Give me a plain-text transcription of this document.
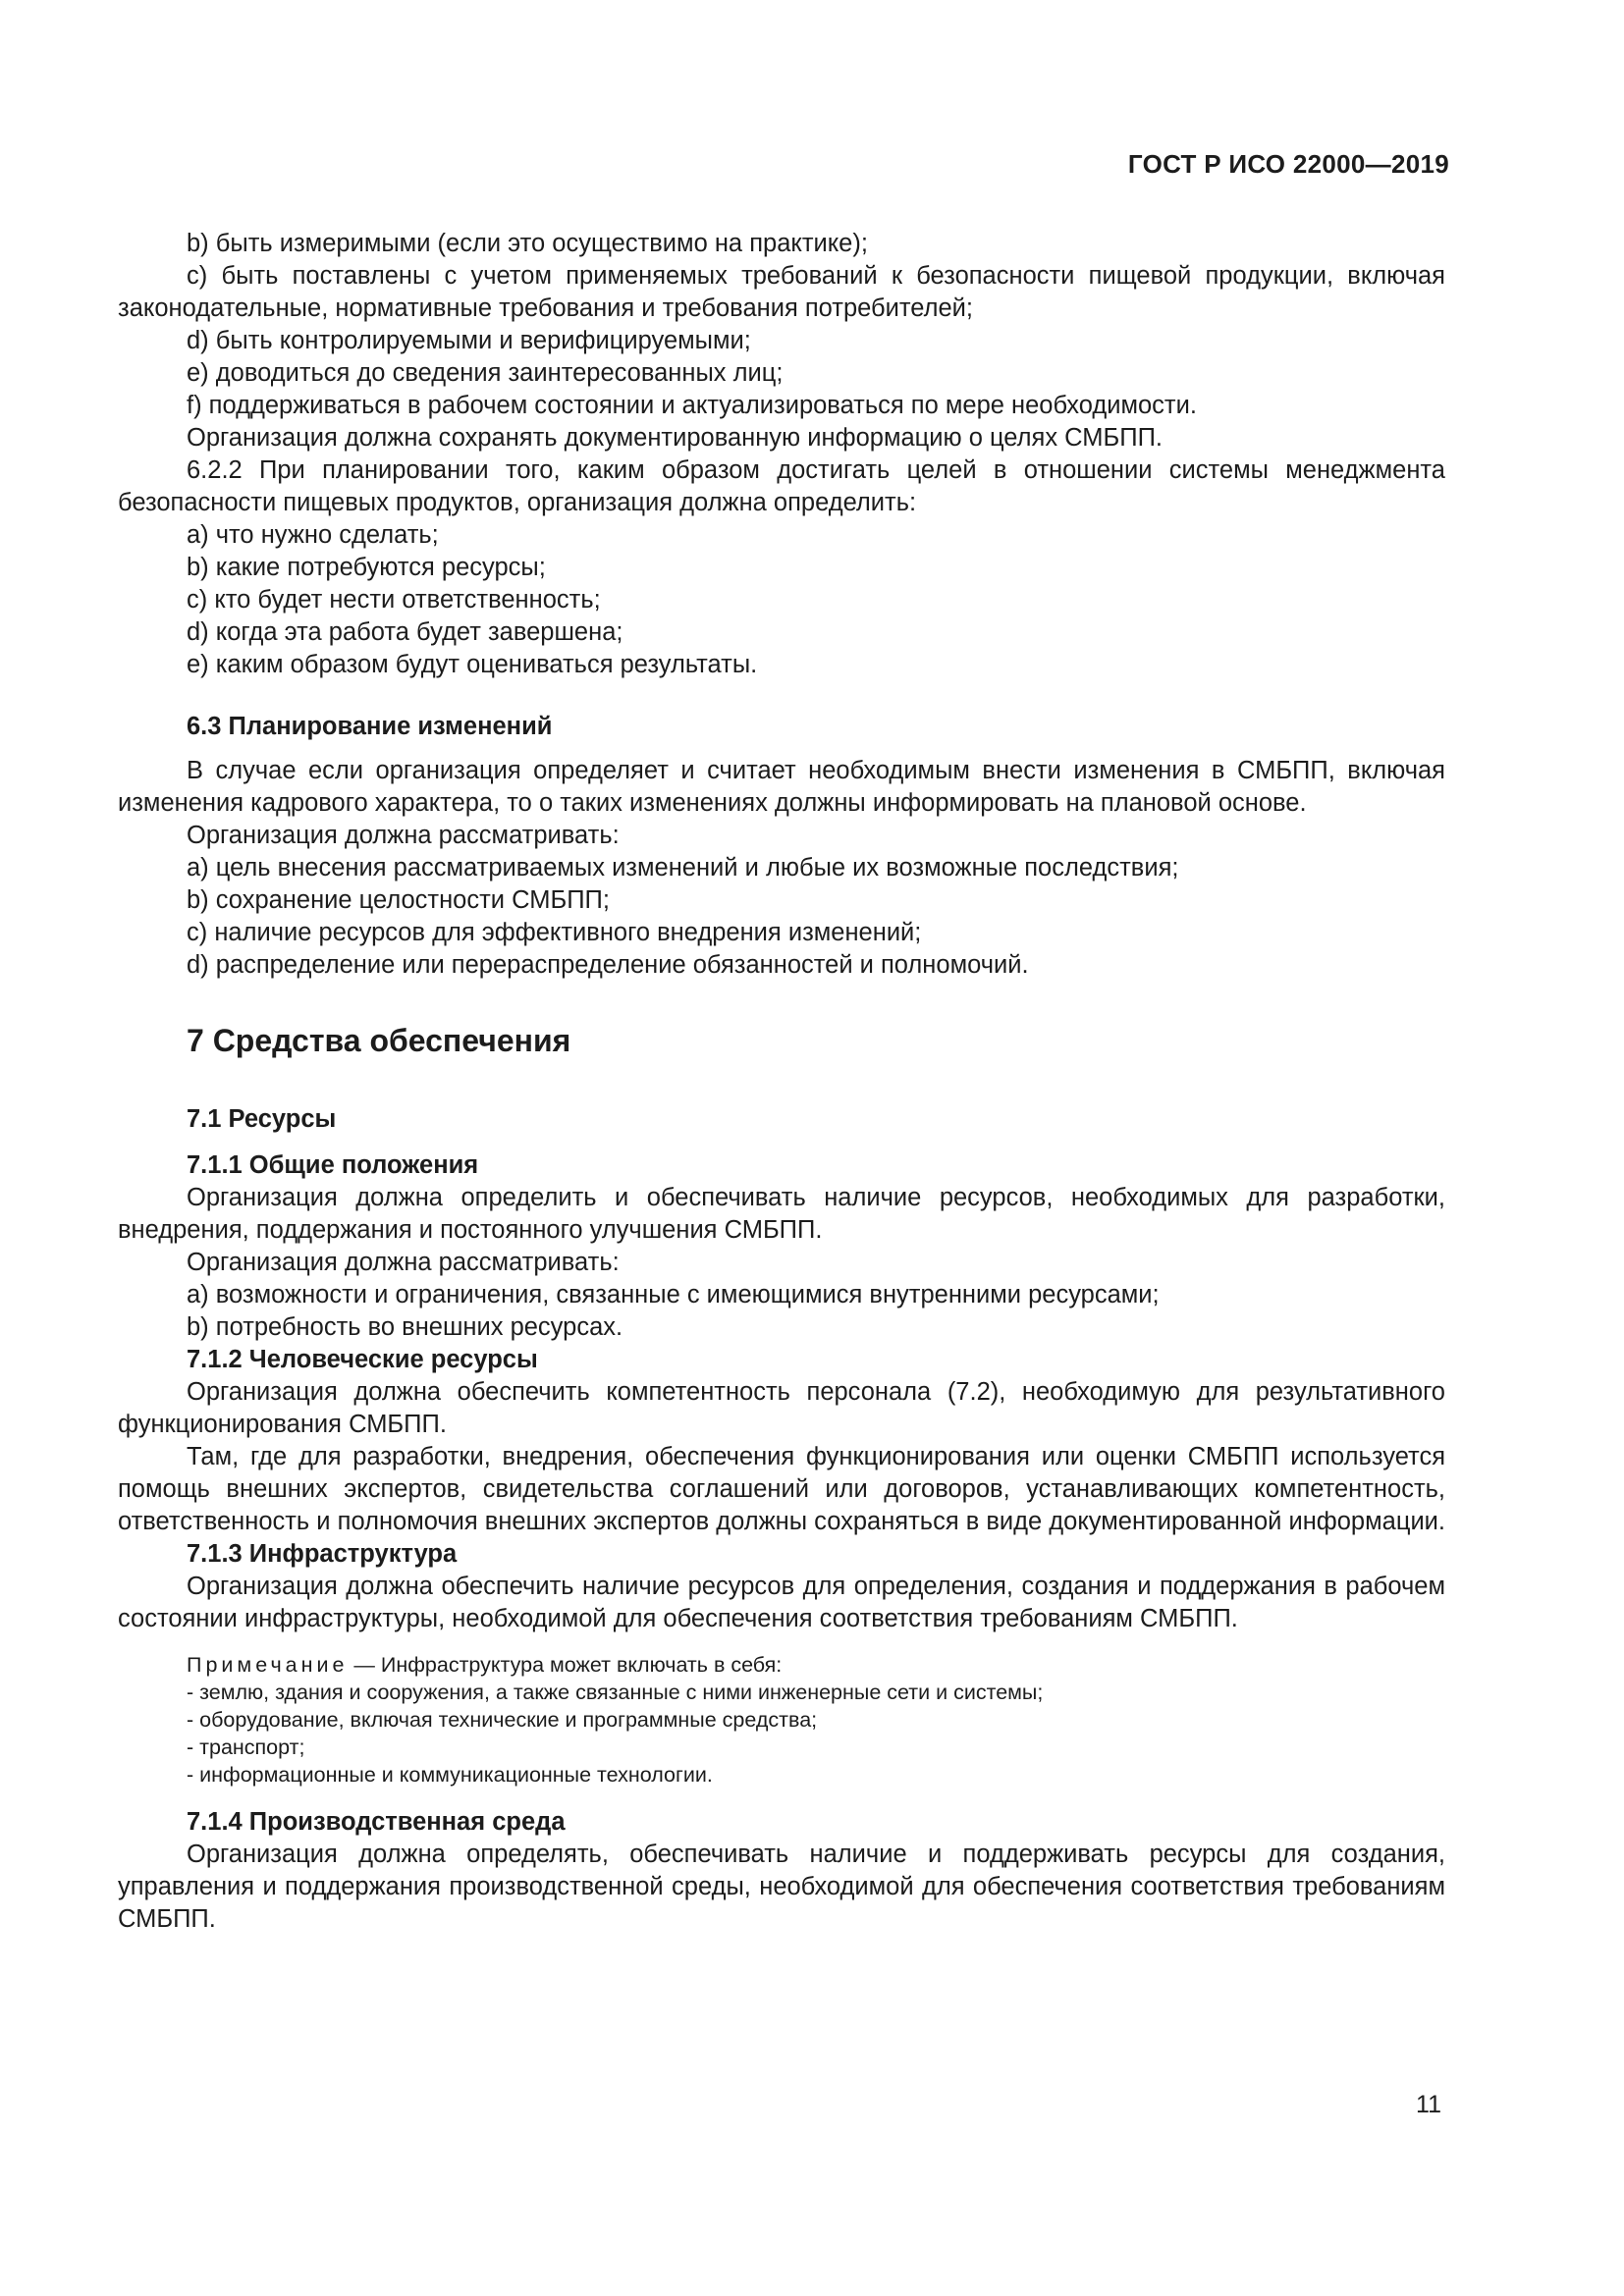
ГОСТ Р ИСО 22000—2019

b) быть измеримыми (если это осуществимо на практике);

c) быть поставлены с учетом применяемых требований к безопасности пищевой продукции, включая законодательные, нормативные требования и требования потребителей;

d) быть контролируемыми и верифицируемыми;

e) доводиться до сведения заинтересованных лиц;

f) поддерживаться в рабочем состоянии и актуализироваться по мере необходимости.

Организация должна сохранять документированную информацию о целях СМБПП.

6.2.2 При планировании того, каким образом достигать целей в отношении системы менеджмента безопасности пищевых продуктов, организация должна определить:

a) что нужно сделать;

b) какие потребуются ресурсы;

c) кто будет нести ответственность;

d) когда эта работа будет завершена;

e) каким образом будут оцениваться результаты.

6.3 Планирование изменений

В случае если организация определяет и считает необходимым внести изменения в СМБПП, включая изменения кадрового характера, то о таких изменениях должны информировать на плановой основе.

Организация должна рассматривать:

a) цель внесения рассматриваемых изменений и любые их возможные последствия;

b) сохранение целостности СМБПП;

c) наличие ресурсов для эффективного внедрения изменений;

d) распределение или перераспределение обязанностей и полномочий.

7 Средства обеспечения
7.1 Ресурсы
7.1.1 Общие положения

Организация должна определить и обеспечивать наличие ресурсов, необходимых для разработки, внедрения, поддержания и постоянного улучшения СМБПП.

Организация должна рассматривать:

a) возможности и ограничения, связанные с имеющимися внутренними ресурсами;

b) потребность во внешних ресурсах.

7.1.2 Человеческие ресурсы

Организация должна обеспечить компетентность персонала (7.2), необходимую для результативного функционирования СМБПП.

Там, где для разработки, внедрения, обеспечения функционирования или оценки СМБПП используется помощь внешних экспертов, свидетельства соглашений или договоров, устанавливающих компетентность, ответственность и полномочия внешних экспертов должны сохраняться в виде документированной информации.

7.1.3 Инфраструктура

Организация должна обеспечить наличие ресурсов для определения, создания и поддержания в рабочем состоянии инфраструктуры, необходимой для обеспечения соответствия требованиям СМБПП.

Примечание — Инфраструктура может включать в себя:
- землю, здания и сооружения, а также связанные с ними инженерные сети и системы;
- оборудование, включая технические и программные средства;
- транспорт;
- информационные и коммуникационные технологии.
7.1.4 Производственная среда

Организация должна определять, обеспечивать наличие и поддерживать ресурсы для создания, управления и поддержания производственной среды, необходимой для обеспечения соответствия требованиям СМБПП.

11
